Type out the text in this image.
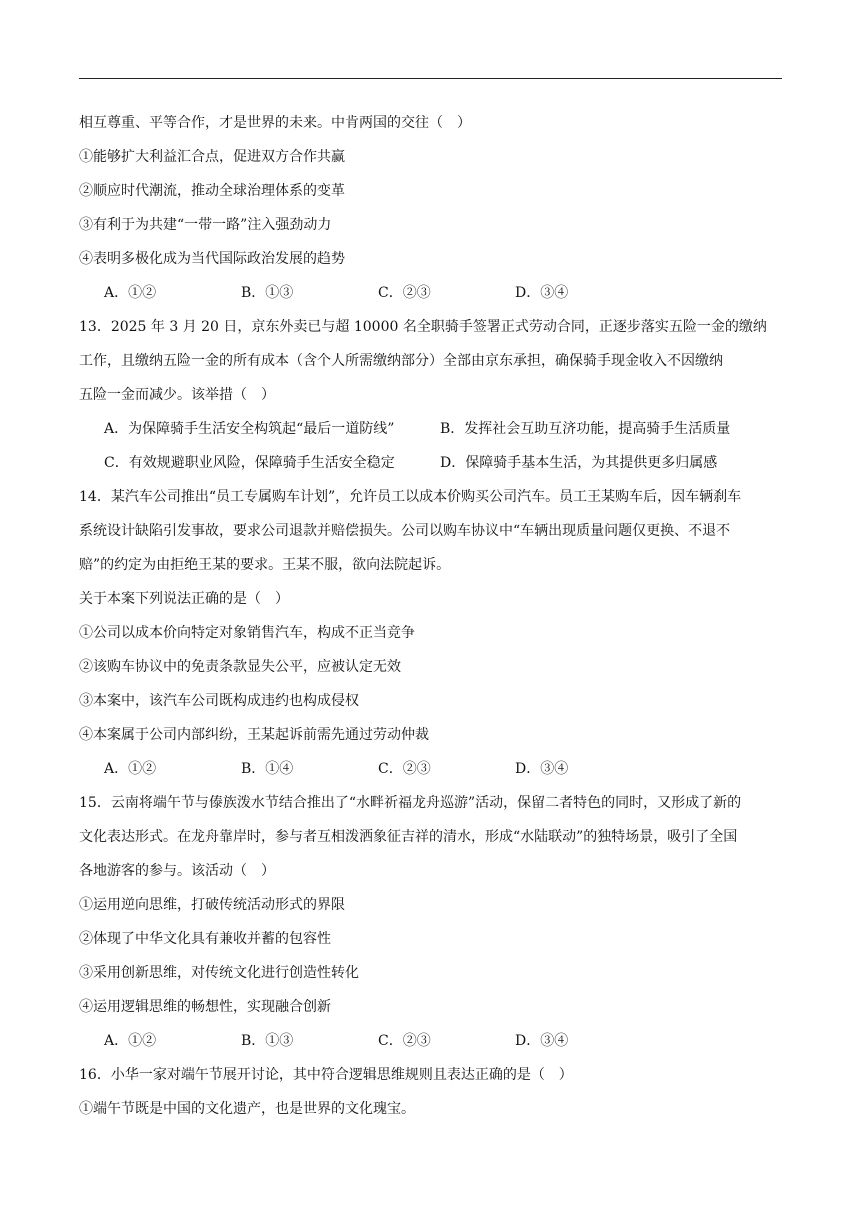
相互尊重、平等合作，才是世界的未来。中肯两国的交往（　）
①能够扩大利益汇合点，促进双方合作共赢
②顺应时代潮流，推动全球治理体系的变革
③有利于为共建“一带一路”注入强劲动力
④表明多极化成为当代国际政治发展的趋势
A．①②	B．①③	C．②③	D．③④
13．2025 年 3 月 20 日，京东外卖已与超 10000 名全职骑手签署正式劳动合同，正逐步落实五险一金的缴纳
工作，且缴纳五险一金的所有成本（含个人所需缴纳部分）全部由京东承担，确保骑手现金收入不因缴纳
五险一金而减少。该举措（　）
A．为保障骑手生活安全构筑起“最后一道防线”	B．发挥社会互助互济功能，提高骑手生活质量
C．有效规避职业风险，保障骑手生活安全稳定	D．保障骑手基本生活，为其提供更多归属感
14．某汽车公司推出“员工专属购车计划”，允许员工以成本价购买公司汽车。员工王某购车后，因车辆刹车
系统设计缺陷引发事故，要求公司退款并赔偿损失。公司以购车协议中“车辆出现质量问题仅更换、不退不
赔”的约定为由拒绝王某的要求。王某不服，欲向法院起诉。
关于本案下列说法正确的是（　）
①公司以成本价向特定对象销售汽车，构成不正当竞争
②该购车协议中的免责条款显失公平，应被认定无效
③本案中，该汽车公司既构成违约也构成侵权
④本案属于公司内部纠纷，王某起诉前需先通过劳动仲裁
A．①②	B．①④	C．②③	D．③④
15．云南将端午节与傣族泼水节结合推出了“水畔祈福龙舟巡游”活动，保留二者特色的同时，又形成了新的
文化表达形式。在龙舟靠岸时，参与者互相泼洒象征吉祥的清水，形成“水陆联动”的独特场景，吸引了全国
各地游客的参与。该活动（　）
①运用逆向思维，打破传统活动形式的界限
②体现了中华文化具有兼收并蓄的包容性
③采用创新思维，对传统文化进行创造性转化
④运用逻辑思维的畅想性，实现融合创新
A．①②	B．①③	C．②③	D．③④
16．小华一家对端午节展开讨论，其中符合逻辑思维规则且表达正确的是（　）
①端午节既是中国的文化遗产，也是世界的文化瑰宝。
